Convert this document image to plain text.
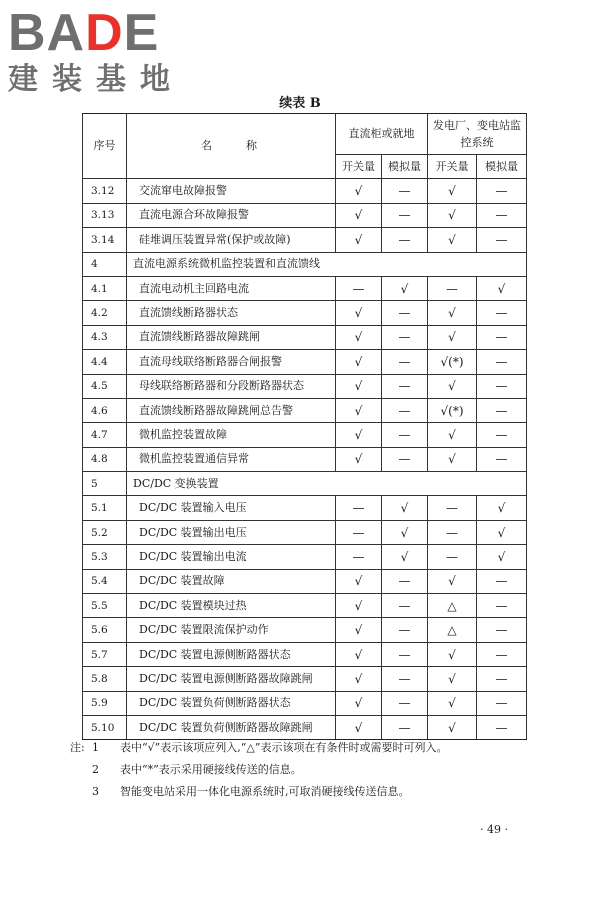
BADE
建装基地
续表 B
序号	名称	直流柜或就地		发电厂、变电站监控系统	
		开关量	模拟量	开关量	模拟量
3.12	交流窜电故障报警	√	—	√	—
3.13	直流电源合环故障报警	√	—	√	—
3.14	硅堆调压装置异常(保护或故障)	√	—	√	—
4	直流电源系统微机监控装置和直流馈线				
4.1	直流电动机主回路电流	—	√	—	√
4.2	直流馈线断路器状态	√	—	√	—
4.3	直流馈线断路器故障跳闸	√	—	√	—
4.4	直流母线联络断路器合闸报警	√	—	√(*)	—
4.5	母线联络断路器和分段断路器状态	√	—	√	—
4.6	直流馈线断路器故障跳闸总告警	√	—	√(*)	—
4.7	微机监控装置故障	√	—	√	—
4.8	微机监控装置通信异常	√	—	√	—
5	DC/DC 变换装置				
5.1	DC/DC 装置输入电压	—	√	—	√
5.2	DC/DC 装置输出电压	—	√	—	√
5.3	DC/DC 装置输出电流	—	√	—	√
5.4	DC/DC 装置故障	√	—	√	—
5.5	DC/DC 装置模块过热	√	—	△	—
5.6	DC/DC 装置限流保护动作	√	—	△	—
5.7	DC/DC 装置电源侧断路器状态	√	—	√	—
5.8	DC/DC 装置电源侧断路器故障跳闸	√	—	√	—
5.9	DC/DC 装置负荷侧断路器状态	√	—	√	—
5.10	DC/DC 装置负荷侧断路器故障跳闸	√	—	√	—
注: 1 表中“√”表示该项应列入,“△”表示该项在有条件时或需要时可列入。
2 表中“*”表示采用硬接线传送的信息。
3 智能变电站采用一体化电源系统时,可取消硬接线传送信息。
· 49 ·
